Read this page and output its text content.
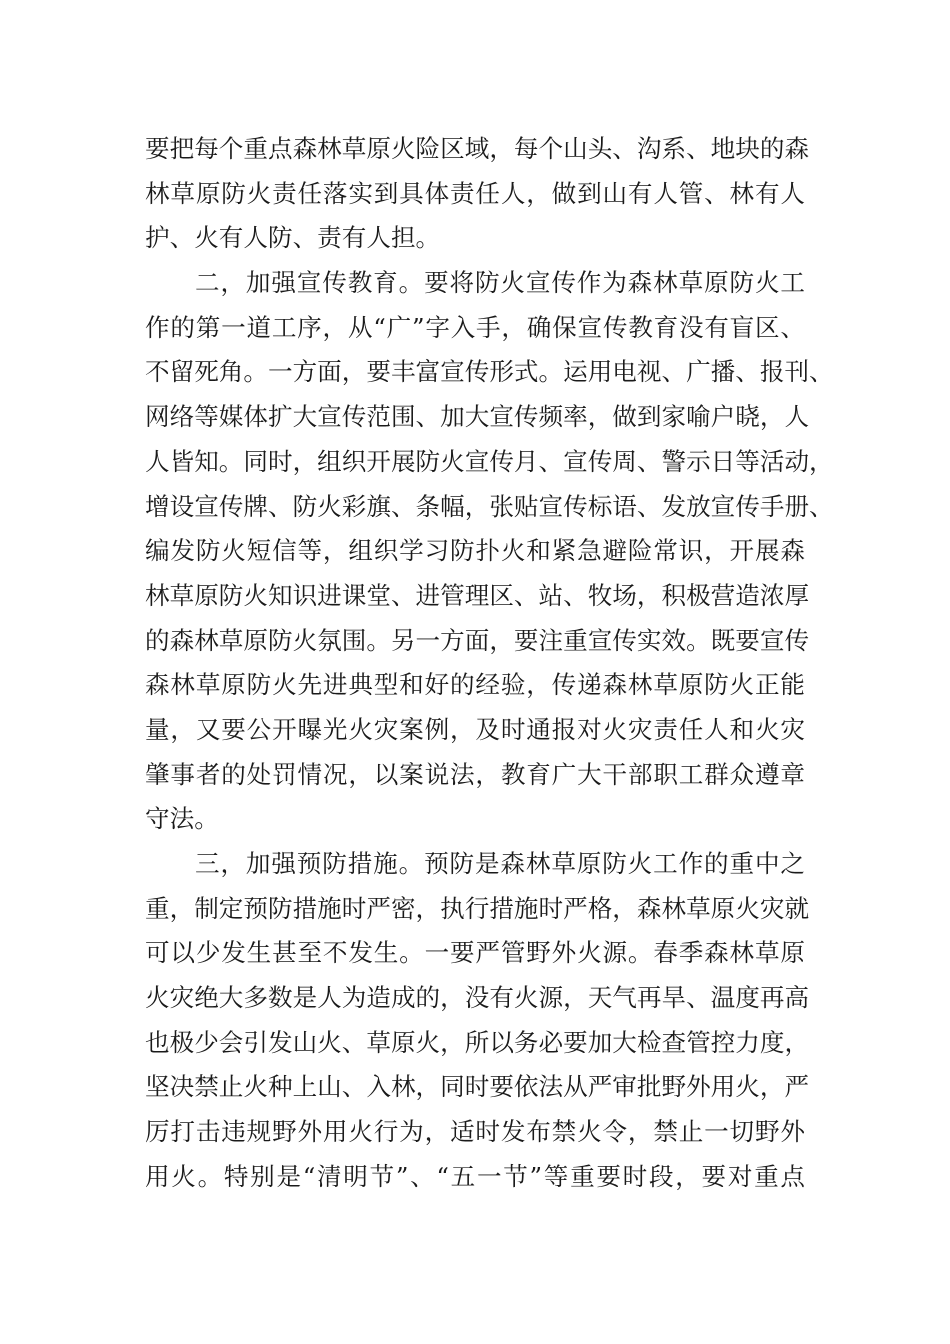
要把每个重点森林草原火险区域，每个山头、沟系、地块的森
林草原防火责任落实到具体责任人，做到山有人管、林有人
护、火有人防、责有人担。
二，加强宣传教育。要将防火宣传作为森林草原防火工
作的第一道工序，从“广”字入手，确保宣传教育没有盲区、
不留死角。一方面，要丰富宣传形式。运用电视、广播、报刊、
网络等媒体扩大宣传范围、加大宣传频率，做到家喻户晓，人
人皆知。同时，组织开展防火宣传月、宣传周、警示日等活动，
增设宣传牌、防火彩旗、条幅，张贴宣传标语、发放宣传手册、
编发防火短信等，组织学习防扑火和紧急避险常识，开展森
林草原防火知识进课堂、进管理区、站、牧场，积极营造浓厚
的森林草原防火氛围。另一方面，要注重宣传实效。既要宣传
森林草原防火先进典型和好的经验，传递森林草原防火正能
量，又要公开曝光火灾案例，及时通报对火灾责任人和火灾
肇事者的处罚情况，以案说法，教育广大干部职工群众遵章
守法。
三，加强预防措施。预防是森林草原防火工作的重中之
重，制定预防措施时严密，执行措施时严格，森林草原火灾就
可以少发生甚至不发生。一要严管野外火源。春季森林草原
火灾绝大多数是人为造成的，没有火源，天气再旱、温度再高
也极少会引发山火、草原火，所以务必要加大检查管控力度，
坚决禁止火种上山、入林，同时要依法从严审批野外用火，严
厉打击违规野外用火行为，适时发布禁火令，禁止一切野外
用火。特别是“清明节”、“五一节”等重要时段，要对重点
